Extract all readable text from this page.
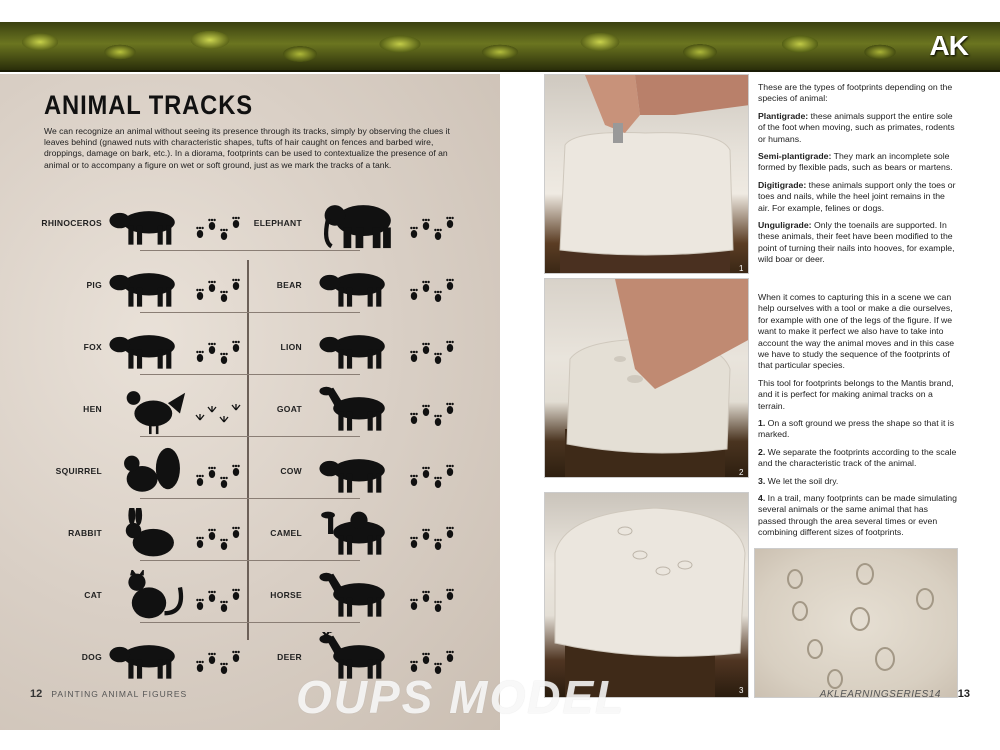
AK
ANIMAL TRACKS
We can recognize an animal without seeing its presence through its tracks, simply by observing the clues it leaves behind (gnawed nuts with characteristic shapes, tufts of hair caught on fences and barbed wire, droppings, damage on bark, etc.). In a diorama, footprints can be used to contextualize the presence of an animal or to accompany a figure on wet or soft ground, just as we mark the tracks of a tank.
RHINOCEROS
PIG
FOX
HEN
SQUIRREL
RABBIT
CAT
DOG
ELEPHANT
BEAR
LION
GOAT
COW
CAMEL
HORSE
DEER
12 PAINTING ANIMAL FIGURES
1
2
3

These are the types of footprints depending on the species of animal:

Plantigrade: these animals support the entire sole of the foot when moving, such as primates, rodents or humans.

Semi-plantigrade: They mark an incomplete sole formed by flexible pads, such as bears or martens.

Digitigrade: these animals support only the toes or toes and nails, while the heel joint remains in the air. For example, felines or dogs.

Unguligrade: Only the toenails are supported. In these animals, their feet have been modified to the point of turning their nails into hooves, for example, wild boar or deer.

When it comes to capturing this in a scene we can help ourselves with a tool or make a die ourselves, for example with one of the legs of the figure. If we want to make it perfect we also have to take into account the way the animal moves and in this case we have to study the sequence of the footprints of that particular species.

This tool for footprints belongs to the Mantis brand, and it is perfect for making animal tracks on a terrain.

1. On a soft ground we press the shape so that it is marked.

2. We separate the footprints according to the scale and the characteristic track of the animal.

3. We let the soil dry.

4. In a trail, many footprints can be made simulating several animals or the same animal that has passed through the area several times or even combining different sizes of footprints.

AKLEARNINGSERIES14 13
OUPS MODEL
